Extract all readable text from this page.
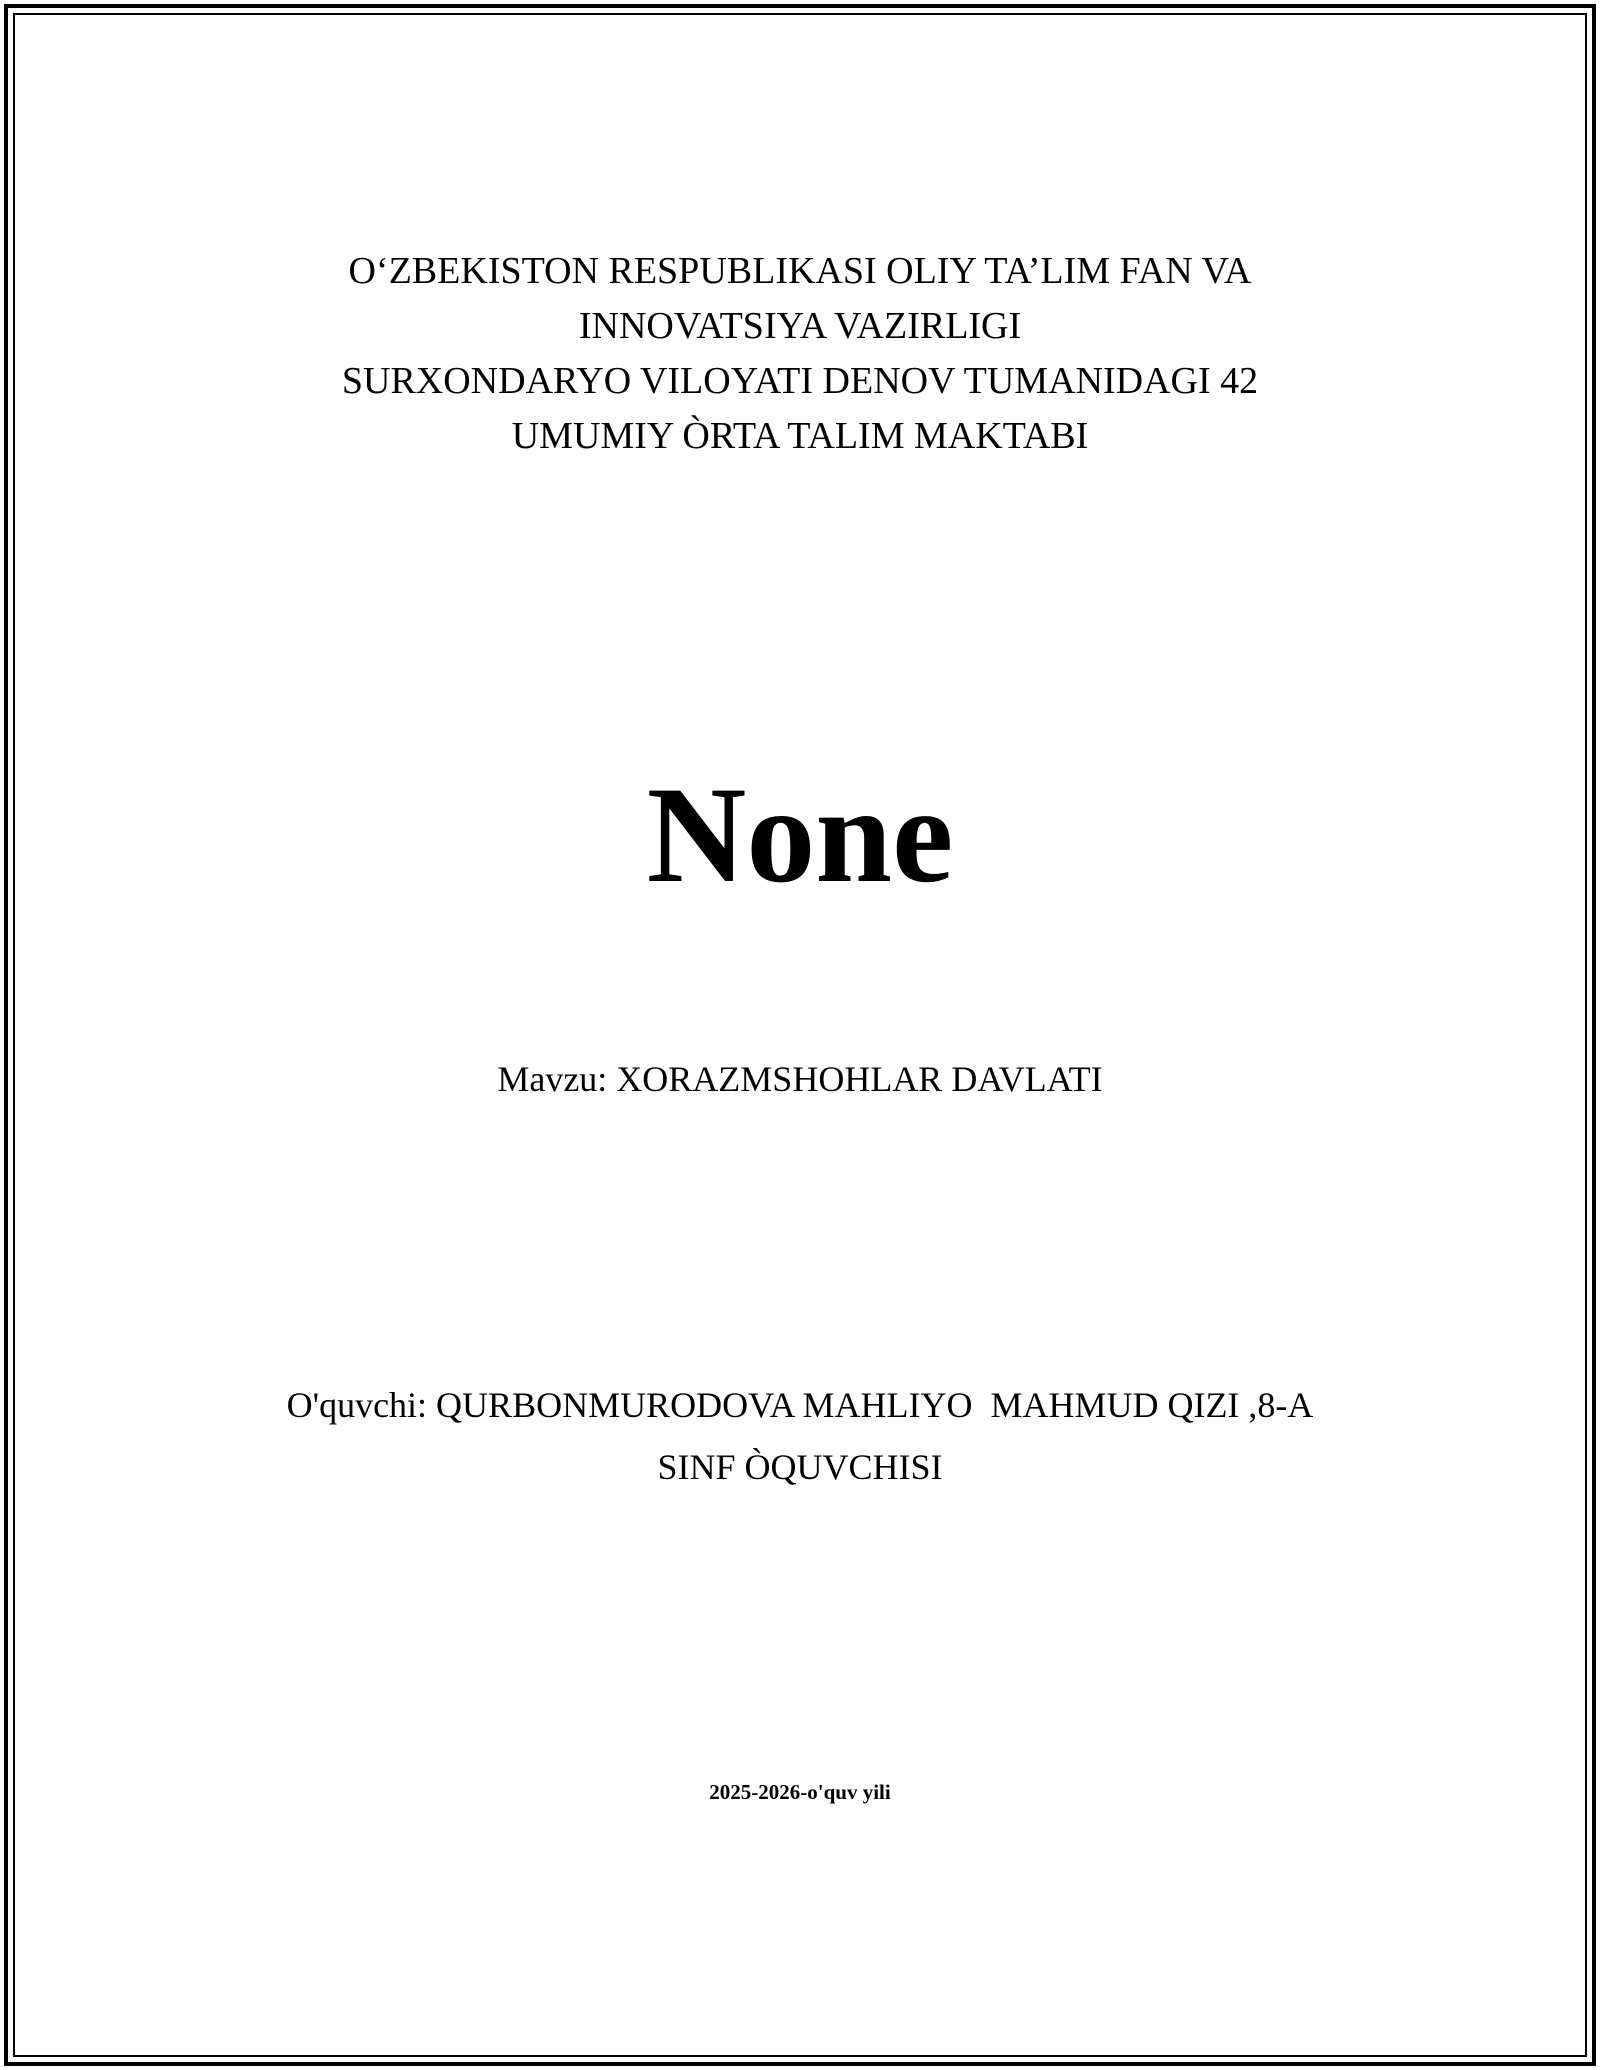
O‘ZBEKISTON RESPUBLIKASI OLIY TA’LIM FAN VA
INNOVATSIYA VAZIRLIGI
SURXONDARYO VILOYATI DENOV TUMANIDAGI 42
UMUMIY ÒRTA TALIM MAKTABI
None
Mavzu: XORAZMSHOHLAR DAVLATI
O'quvchi: QURBONMURODOVA MAHLIYO  MAHMUD QIZI ,8-A
SINF ÒQUVCHISI
2025-2026-o'quv yili
